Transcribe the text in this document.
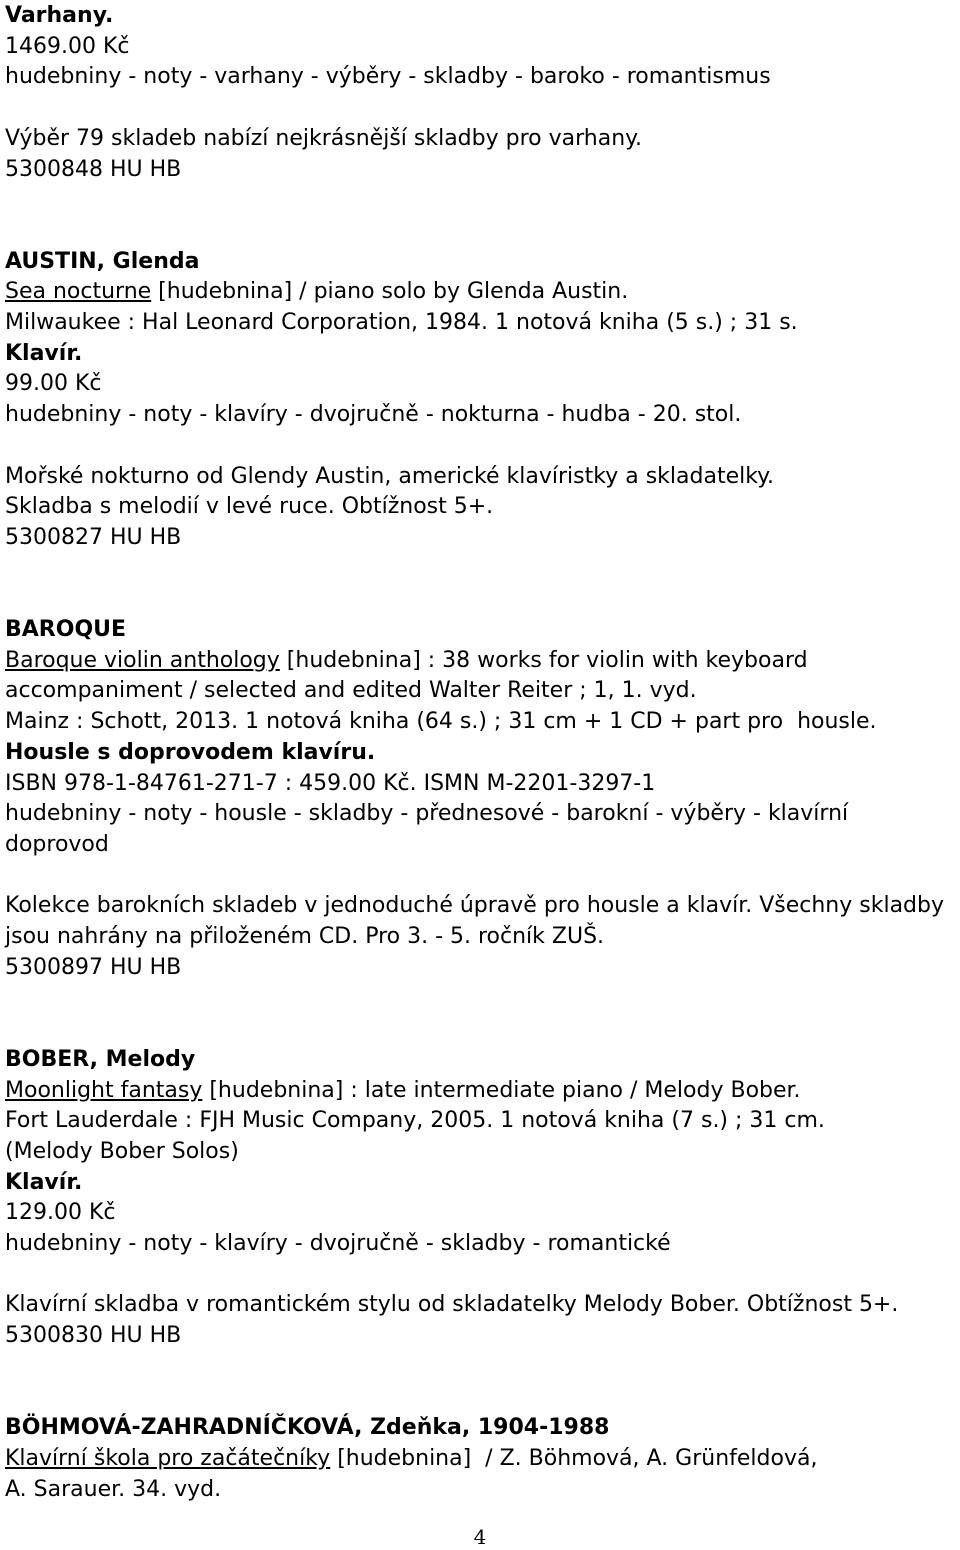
Varhany.
1469.00 Kč
hudebniny - noty - varhany - výběry - skladby - baroko - romantismus
Výběr 79 skladeb nabízí nejkrásnější skladby pro varhany.
5300848 HU HB
AUSTIN, Glenda
Sea nocturne [hudebnina] / piano solo by Glenda Austin.
Milwaukee : Hal Leonard Corporation, 1984. 1 notová kniha (5 s.) ; 31 s.
Klavír.
99.00 Kč
hudebniny - noty - klavíry - dvojručně - nokturna - hudba - 20. stol.
Mořské nokturno od Glendy Austin, americké klavíristky a skladatelky.
Skladba s melodií v levé ruce. Obtížnost 5+.
5300827 HU HB
BAROQUE
Baroque violin anthology [hudebnina] : 38 works for violin with keyboard
accompaniment / selected and edited Walter Reiter ; 1, 1. vyd.
Mainz : Schott, 2013. 1 notová kniha (64 s.) ; 31 cm + 1 CD + part pro  housle.
Housle s doprovodem klavíru.
ISBN 978-1-84761-271-7 : 459.00 Kč. ISMN M-2201-3297-1
hudebniny - noty - housle - skladby - přednesové - barokní - výběry - klavírní
doprovod
Kolekce barokních skladeb v jednoduché úpravě pro housle a klavír. Všechny skladby
jsou nahrány na přiloženém CD. Pro 3. - 5. ročník ZUŠ.
5300897 HU HB
BOBER, Melody
Moonlight fantasy [hudebnina] : late intermediate piano / Melody Bober.
Fort Lauderdale : FJH Music Company, 2005. 1 notová kniha (7 s.) ; 31 cm.
(Melody Bober Solos)
Klavír.
129.00 Kč
hudebniny - noty - klavíry - dvojručně - skladby - romantické
Klavírní skladba v romantickém stylu od skladatelky Melody Bober. Obtížnost 5+.
5300830 HU HB
BÖHMOVÁ-ZAHRADNÍČKOVÁ, Zdeňka, 1904-1988
Klavírní škola pro začátečníky [hudebnina]  / Z. Böhmová, A. Grünfeldová,
A. Sarauer. 34. vyd.
4
